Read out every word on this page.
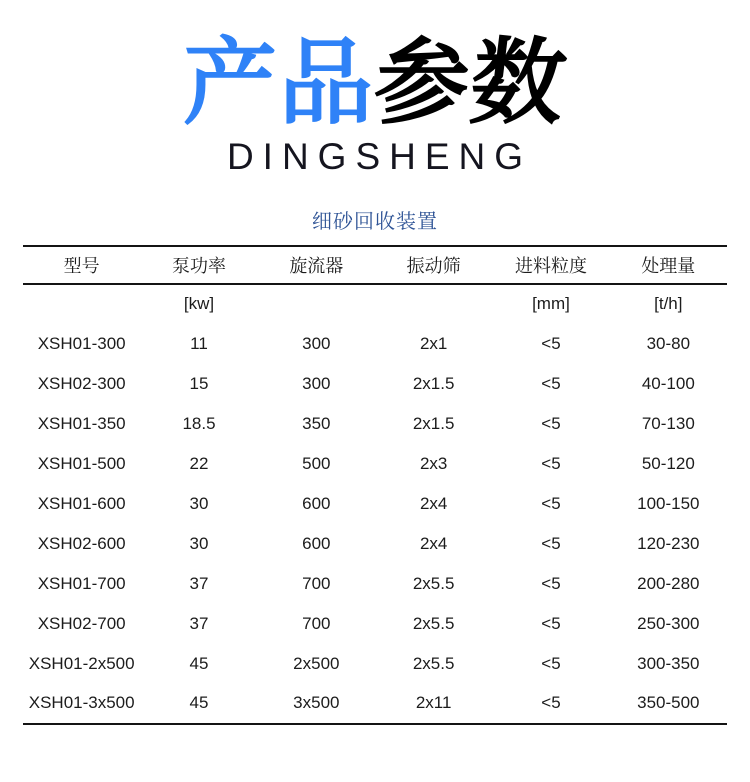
产品参数
DINGSHENG
细砂回收装置
型号	泵功率	旋流器	振动筛	进料粒度	处理量
	[kw]			[mm]	[t/h]
XSH01-300	11	300	2x1	<5	30-80
XSH02-300	15	300	2x1.5	<5	40-100
XSH01-350	18.5	350	2x1.5	<5	70-130
XSH01-500	22	500	2x3	<5	50-120
XSH01-600	30	600	2x4	<5	100-150
XSH02-600	30	600	2x4	<5	120-230
XSH01-700	37	700	2x5.5	<5	200-280
XSH02-700	37	700	2x5.5	<5	250-300
XSH01-2x500	45	2x500	2x5.5	<5	300-350
XSH01-3x500	45	3x500	2x11	<5	350-500
